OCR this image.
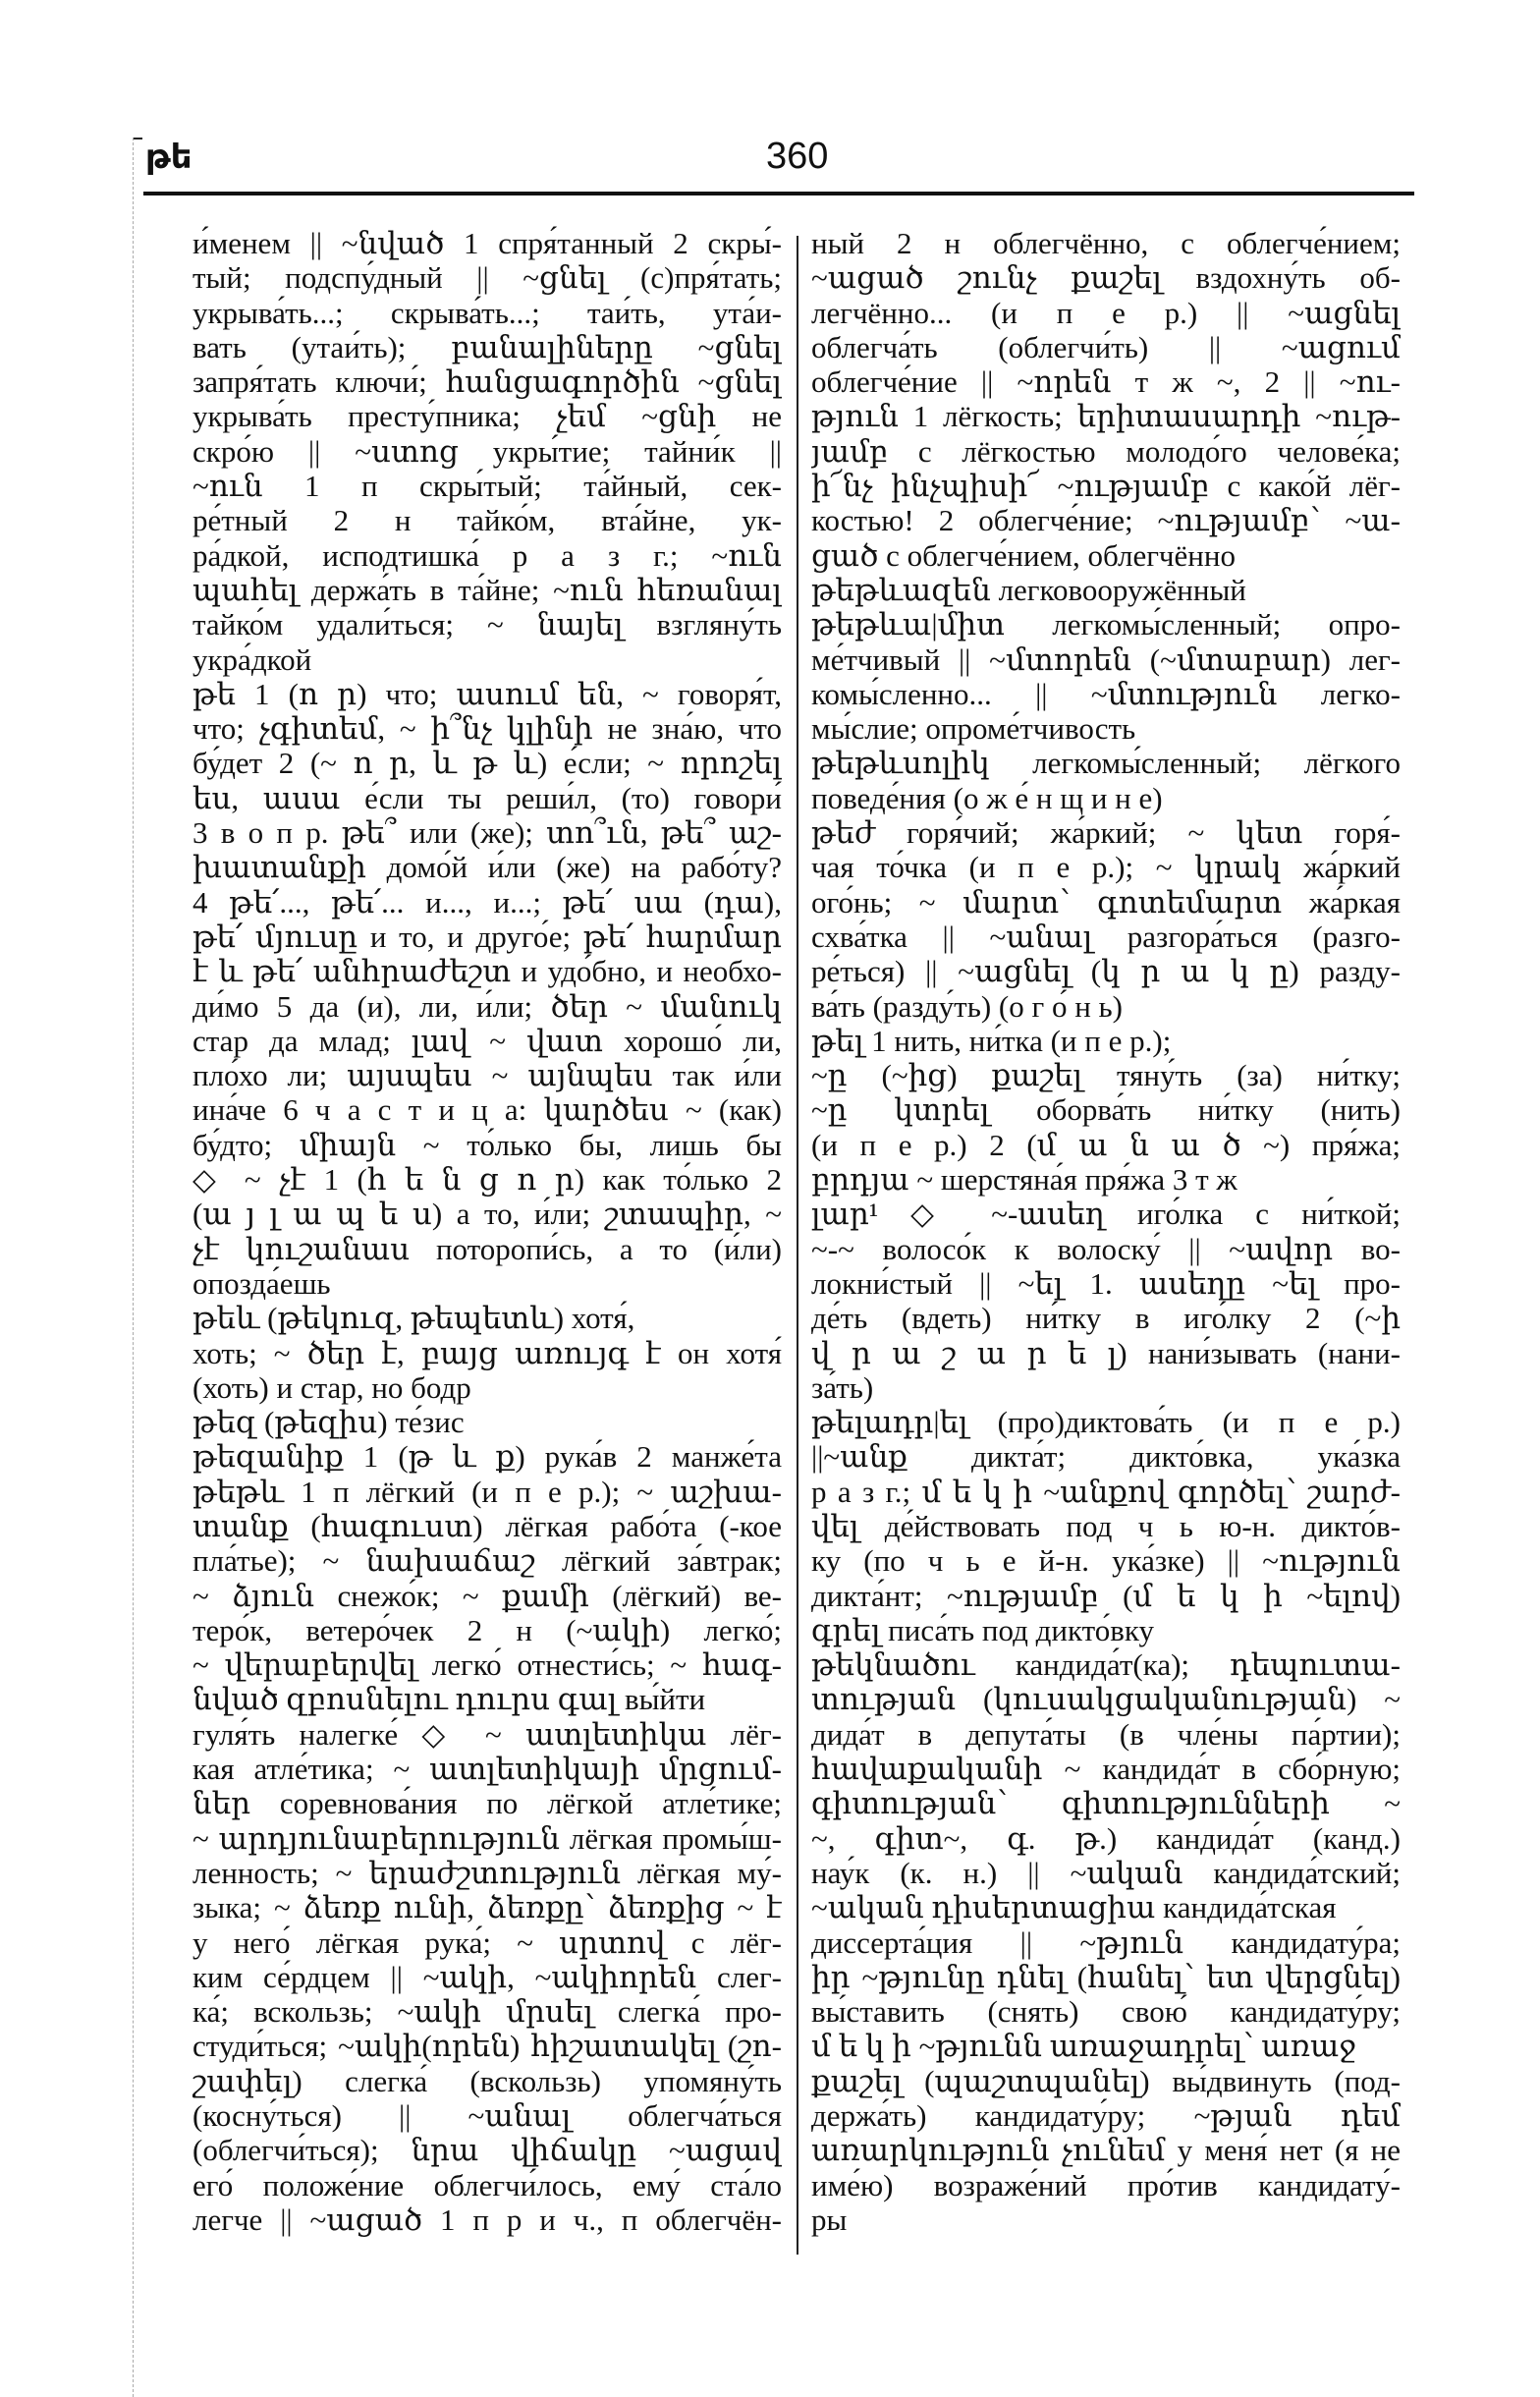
թե	360
и́менем || ~նված 1 спря́танный 2 скры́-
тый; подспу́дный || ~ցնել (с)пря́тать;
укрыва́ть...; скрыва́ть...; таи́ть, ута́и-
вать (утаи́ть); բանալիները ~ցնել
запря́тать ключи́; հանցագործին ~ցնել
укрыва́ть престу́пника; չեմ ~ցնի не
скро́ю || ~ստոց укры́тие; тайни́к ||
~ուն 1 п скры́тый; та́йный, сек-
ре́тный 2 н тайко́м, вта́йне, ук-
ра́дкой, исподтишка́ р а з г.; ~ուն
պահել держа́ть в та́йне; ~ուն հեռանալ
тайко́м удали́ться; ~ նայել взгляну́ть
укра́дкой
թե 1 (ո ր) что; ասում են, ~ говоря́т,
что; չգիտեմ, ~ ի՞նչ կլինի не зна́ю, что
бу́дет 2 (~ ո ր, և թ և) е́сли; ~ որոշել
ես, ասա е́сли ты реши́л, (то) говори́
3 в о п р. թե՞ или (же); տո՞ւն, թե՞ աշ-
խատանքի домо́й и́ли (же) на рабо́ту?
4 թե՛..., թե՛... и..., и...; թե՛ սա (դա),
թե՛ մյուսը и то, и друго́е; թե՛ հարմար
է և թե՛ անհրաժեշտ и удо́бно, и необхо-
ди́мо 5 да (и), ли, и́ли; ծեր ~ մանուկ
стар да млад; լավ ~ վատ хорошо́ ли,
пло́хо ли; այսպես ~ այնպես так и́ли
ина́че 6 ч а с т и ц а: կարծես ~ (как)
бу́дто; միայն ~ то́лько бы, лишь бы
◇ ~ չէ 1 (հ ե ն ց ո ր) как то́лько 2
(ա յ լ ա պ ե ս) а то, и́ли; շտապիր, ~
չէ կուշանաս поторопи́сь, а то (и́ли)
опозда́ешь
թեև (թեկուզ, թեպետև) хотя́,
хоть; ~ ծեր է, բայց առույգ է он хотя́
(хоть) и стар, но бодр
թեզ (թեզիս) те́зис
թեզանիք 1 (թ և ք) рука́в 2 манже́та
թեթև 1 п лёгкий (и п е р.); ~ աշխա-
տանք (հագուստ) лёгкая рабо́та (-кое
пла́тье); ~ նախաճաշ лёгкий за́втрак;
~ ձյուն снежо́к; ~ քամի (лёгкий) ве-
теро́к, ветеро́чек 2 н (~ակի) легко́;
~ վերաբերվել легко́ отнести́сь; ~ հագ-
նված զբոսնելու դուրս գալ вы́йти
гуля́ть налегке́ ◇ ~ ատլետիկա лёг-
кая атле́тика; ~ ատլետիկայի մրցում-
ներ соревнова́ния по лёгкой атле́тике;
~ արդյունաբերություն лёгкая промы́ш-
ленность; ~ երաժշտություն лёгкая му́-
зыка; ~ ձեռք ունի, ձեռքը՝ ձեռքից ~ է
у него́ лёгкая рука́; ~ սրտով с лёг-
ким се́рдцем || ~ակի, ~ակիորեն слег-
ка́; вскользь; ~ակի մրսել слегка́ про-
студи́ться; ~ակի(որեն) հիշատակել (շո-
շափել) слегка́ (вскользь) упомяну́ть
(косну́ться) || ~անալ облегча́ться
(облегчи́ться); նրա վիճակը ~ացավ
его́ положе́ние облегчи́лось, ему́ ста́ло
легче || ~ացած 1 п р и ч., п облегчён-
ный 2 н облегчённо, с облегче́нием;
~ացած շունչ քաշել вздохну́ть об-
легчённо... (и п е р.) || ~ացնել
облегча́ть (облегчи́ть) || ~ացում
облегче́ние || ~որեն т ж ~, 2 || ~ու-
թյուն 1 лёгкость; երիտասարդի ~ութ-
յամբ с лёгкостью молодо́го челове́ка;
ի՜նչ ինչպիսի՜ ~ությամբ с како́й лёг-
костью! 2 облегче́ние; ~ությամբ՝ ~ա-
ցած с облегче́нием, облегчённо
թեթևազեն легковооружённый
թեթևա|միտ легкомы́сленный; опро-
ме́тчивый || ~մտորեն (~մտաբար) лег-
комы́сленно... || ~մտություն легко-
мы́слие; опроме́тчивость
թեթևսոլիկ легкомы́сленный; лёгкого
поведе́ния (о ж е́ н щ и н е)
թեժ горя́чий; жа́ркий; ~ կետ горя́-
чая то́чка (и п е р.); ~ կրակ жа́ркий
ого́нь; ~ մարտ՝ գոտեմարտ жа́ркая
схва́тка || ~անալ разгора́ться (разго-
ре́ться) || ~ացնել (կ ր ա կ ը) разду-
ва́ть (разду́ть) (о г о́ н ь)
թել 1 нить, ни́тка (и п е р.);
~ը (~ից) քաշել тяну́ть (за) ни́тку;
~ը կտրել оборва́ть ни́тку (нить)
(и п е р.) 2 (մ ա ն ա ծ ~) пря́жа;
բրդյա ~ шерстяна́я пря́жа 3 т ж
լար¹ ◇ ~-ասեղ иго́лка с ни́ткой;
~-~ волосо́к к волоску́ || ~ավոր во-
локни́стый || ~ել 1. ասեղը ~ել про-
де́ть (вдеть) ни́тку в иго́лку 2 (~ի
վ ր ա շ ա ր ե լ) нани́зывать (нани-
за́ть)
թելադր|ել (про)диктова́ть (и п е р.)
||~անք дикта́т; дикто́вка, ука́зка
р а з г.; մ ե կ ի ~անքով գործել՝ շարժ-
վել де́йствовать под ч ь ю-н. дикто́в-
ку (по ч ь е й-н. ука́зке) || ~ություն
дикта́нт; ~ությամբ (մ ե կ ի ~ելով)
գրել писа́ть под дикто́вку
թեկնածու кандида́т(ка); դեպուտա-
տության (կուսակցականության) ~
дида́т в депута́ты (в чле́ны па́ртии);
հավաքականի ~ кандида́т в сбо́рную;
գիտության՝ գիտությունների ~
~, գիտ~, գ. թ.) кандида́т (канд.)
нау́к (к. н.) || ~ական кандида́тский;
~ական դիսերտացիա кандида́тская
диссерта́ция || ~թյուն кандидату́ра;
իր ~թյունը դնել (հանել՝ ետ վերցնել)
вы́ставить (снять) свою́ кандидату́ру;
մ ե կ ի ~թյունն առաջադրել՝ առաջ
քաշել (պաշտպանել) вы́двинуть (под-
держа́ть) кандидату́ру; ~թյան դեմ
առարկություն չունեմ у меня́ нет (я не
име́ю) возраже́ний про́тив кандидату́-
ры
